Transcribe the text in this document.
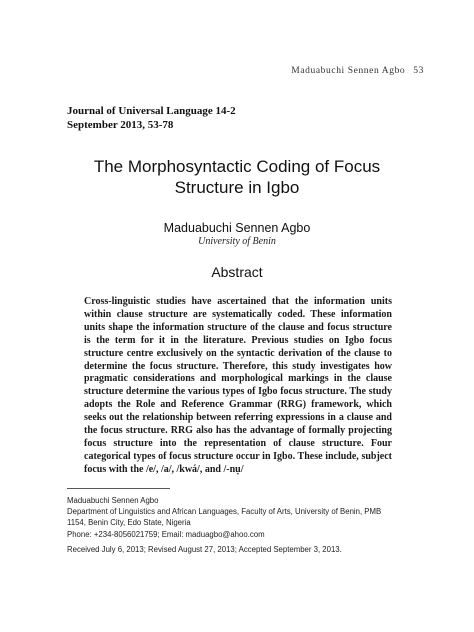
Maduabuchi Sennen Agbo 53
Journal of Universal Language 14-2
September 2013, 53-78
The Morphosyntactic Coding of Focus
Structure in Igbo
Maduabuchi Sennen Agbo
University of Benin
Abstract
Cross-linguistic studies have ascertained that the information units within clause structure are systematically coded. These information units shape the information structure of the clause and focus structure is the term for it in the literature. Previous studies on Igbo focus structure centre exclusively on the syntactic derivation of the clause to determine the focus structure. Therefore, this study investigates how pragmatic considerations and morphological markings in the clause structure determine the various types of Igbo focus structure. The study adopts the Role and Reference Grammar (RRG) framework, which seeks out the relationship between referring expressions in a clause and the focus structure. RRG also has the advantage of formally projecting focus structure into the representation of clause structure. Four categorical types of focus structure occur in Igbo. These include, subject focus with the /e/, /a/, /kwá/, and /-nụ/
Maduabuchi Sennen Agbo
Department of Linguistics and African Languages, Faculty of Arts, University of Benin, PMB
1154, Benin City, Edo State, Nigeria
Phone: +234-8056021759; Email: maduagbo@ahoo.com
Received July 6, 2013; Revised August 27, 2013; Accepted September 3, 2013.
